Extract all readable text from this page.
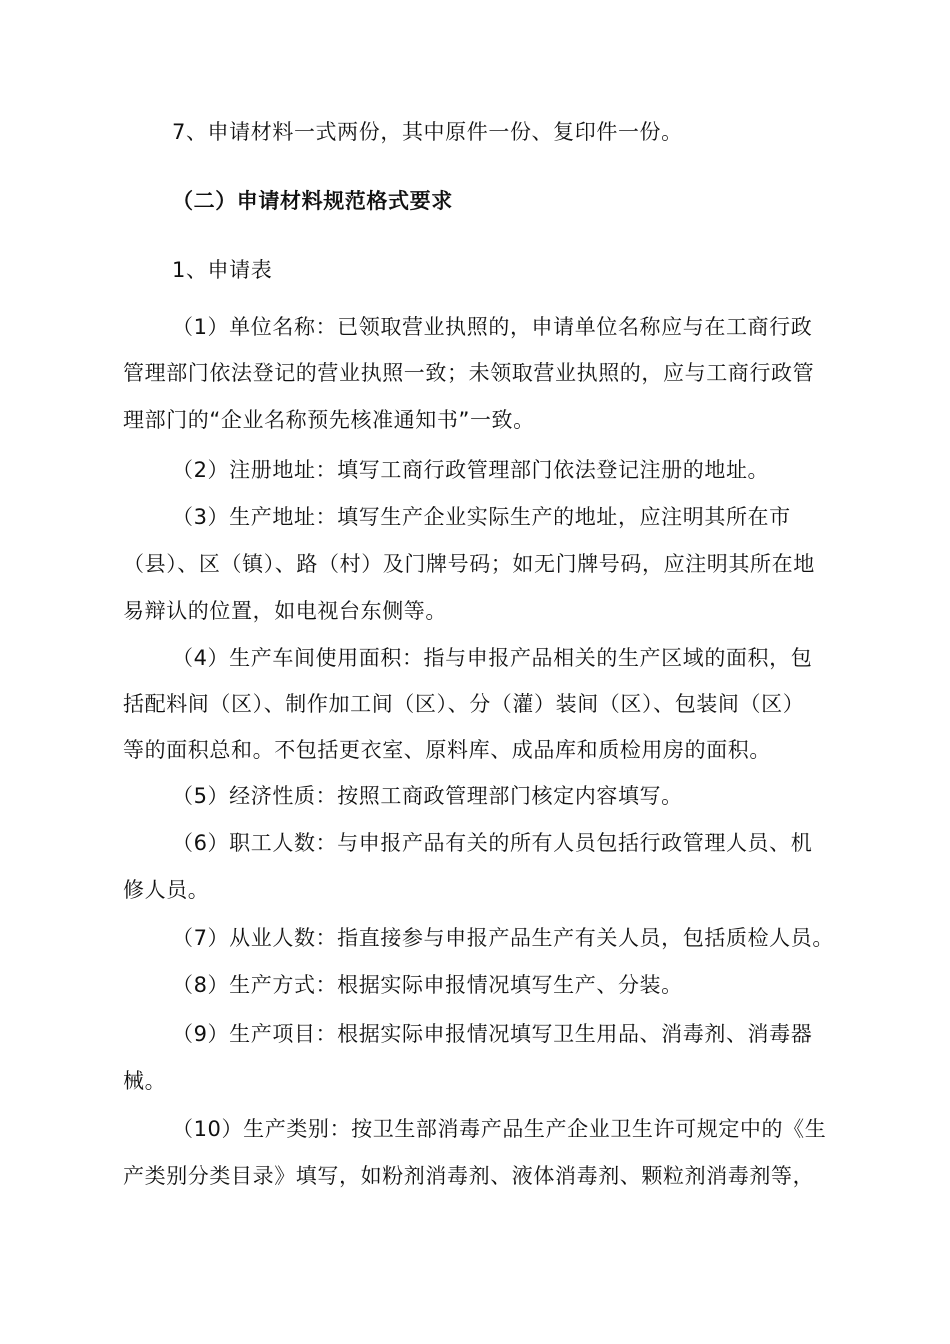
7、申请材料一式两份，其中原件一份、复印件一份。
（二）申请材料规范格式要求
1、申请表
（1）单位名称：已领取营业执照的，申请单位名称应与在工商行政
管理部门依法登记的营业执照一致；未领取营业执照的，应与工商行政管
理部门的“企业名称预先核准通知书”一致。
（2）注册地址：填写工商行政管理部门依法登记注册的地址。
（3）生产地址：填写生产企业实际生产的地址，应注明其所在市
（县）、区（镇）、路（村）及门牌号码；如无门牌号码，应注明其所在地
易辩认的位置，如电视台东侧等。
（4）生产车间使用面积：指与申报产品相关的生产区域的面积，包
括配料间（区）、制作加工间（区）、分（灌）装间（区）、包装间（区）
等的面积总和。不包括更衣室、原料库、成品库和质检用房的面积。
（5）经济性质：按照工商政管理部门核定内容填写。
（6）职工人数：与申报产品有关的所有人员包括行政管理人员、机
修人员。
（7）从业人数：指直接参与申报产品生产有关人员，包括质检人员。
（8）生产方式：根据实际申报情况填写生产、分装。
（9）生产项目：根据实际申报情况填写卫生用品、消毒剂、消毒器
械。
（10）生产类别：按卫生部消毒产品生产企业卫生许可规定中的《生
产类别分类目录》填写，如粉剂消毒剂、液体消毒剂、颗粒剂消毒剂等，
